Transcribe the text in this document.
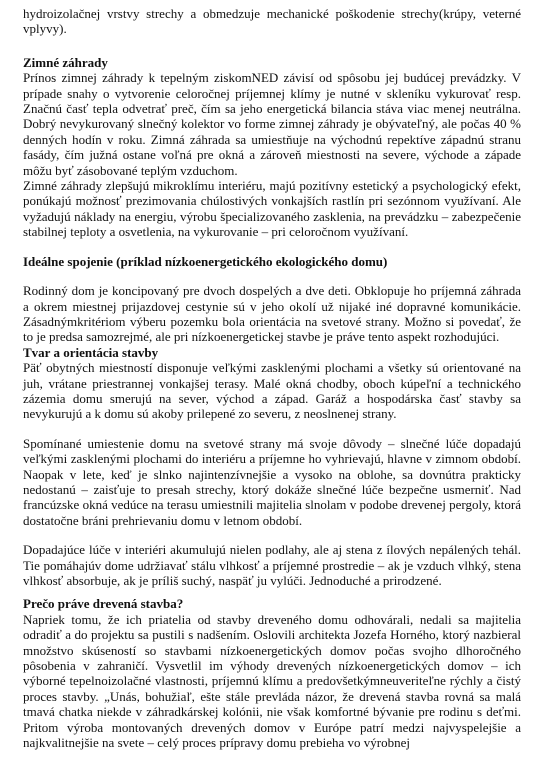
hydroizolačnej vrstvy strechy a obmedzuje mechanické poškodenie strechy(krúpy, veterné vplyvy).

Zimné záhrady

Prínos zimnej záhrady k tepelným ziskomNED závisí od spôsobu jej budúcej prevádzky. V prípade snahy o vytvorenie celoročnej príjemnej klímy je nutné v skleníku vykurovať resp. Značnú časť tepla odvetrať preč, čím sa jeho energetická bilancia stáva viac menej neutrálna. Dobrý nevykurovaný slnečný kolektor vo forme zimnej záhrady je obývateľný, ale počas 40 % denných hodín v roku. Zimná záhrada sa umiestňuje na východnú repektíve západnú stranu fasády, čím južná ostane voľná pre okná a zároveň miestnosti na severe, východe a západe môžu byť zásobované teplým vzduchom.

Zimné záhrady zlepšujú mikroklímu interiéru, majú pozitívny estetický a psychologický efekt, ponúkajú možnosť prezimovania chúlostivých vonkajších rastlín pri sezónnom využívaní. Ale vyžadujú náklady na energiu, výrobu špecializovaného zasklenia, na prevádzku – zabezpečenie stabilnej teploty a osvetlenia, na vykurovanie – pri celoročnom využívaní.

Ideálne spojenie (príklad nízkoenergetického ekologického domu)

Rodinný dom je koncipovaný pre dvoch dospelých a dve deti. Obklopuje ho príjemná záhrada a okrem miestnej prijazdovej cestynie sú v jeho okolí už nijaké iné dopravné komunikácie. Zásadnýmkritériom výberu pozemku bola orientácia na svetové strany. Možno si povedať, že to je predsa samozrejmé, ale pri nízkoenergetickej stavbe je práve tento aspekt rozhodujúci.

Tvar a orientácia stavby

Päť obytných miestností disponuje veľkými zasklenými plochami a všetky sú orientované na juh, vrátane priestrannej vonkajšej terasy. Malé okná chodby, oboch kúpeľní a technického zázemia domu smerujú na sever, východ a západ. Garáž a hospodárska časť stavby sa nevykurujú a k domu sú akoby prilepené zo severu, z neoslnenej strany.

Spomínané umiestenie domu na svetové strany má svoje dôvody – slnečné lúče dopadajú veľkými zasklenými plochami do interiéru a príjemne ho vyhrievajú, hlavne v zimnom období. Naopak v lete, keď je slnko najintenzívnejšie a vysoko na oblohe, sa dovnútra prakticky nedostanú – zaisťuje to presah strechy, ktorý dokáže slnečné lúče bezpečne usmerniť. Nad francúzske okná vedúce na terasu umiestnili majitelia slnolam v podobe drevenej pergoly, ktorá dostatočne bráni prehrievaniu domu v letnom období.

Dopadajúce lúče v interiéri akumulujú nielen podlahy, ale aj stena z ílových nepálených tehál. Tie pomáhajúv dome udržiavať stálu vlhkosť a príjemné prostredie – ak je vzduch vlhký, stena vlhkosť absorbuje, ak je príliš suchý, naspäť ju vylúči. Jednoduché a prirodzené.

Prečo práve drevená stavba?

Napriek tomu, že ich priatelia od stavby dreveného domu odhovárali, nedali sa majitelia odradiť a do projektu sa pustili s nadšením. Oslovili architekta Jozefa Horného, ktorý nazbieral množstvo skúseností so stavbami nízkoenergetických domov počas svojho dlhoročného pôsobenia v zahraničí. Vysvetlil im výhody drevených nízkoenergetických domov – ich výborné tepelnoizolačné vlastnosti, príjemnú klímu a predovšetkýmneuveriteľne rýchly a čistý proces stavby. „Unás, bohužiaľ, ešte stále prevláda názor, že drevená stavba rovná sa malá tmavá chatka niekde v záhradkárskej kolónii, nie však komfortné bývanie pre rodinu s deťmi. Pritom výroba montovaných drevených domov v Európe patrí medzi najvyspelejšie a najkvalitnejšie na svete – celý proces prípravy domu prebieha vo výrobnej
